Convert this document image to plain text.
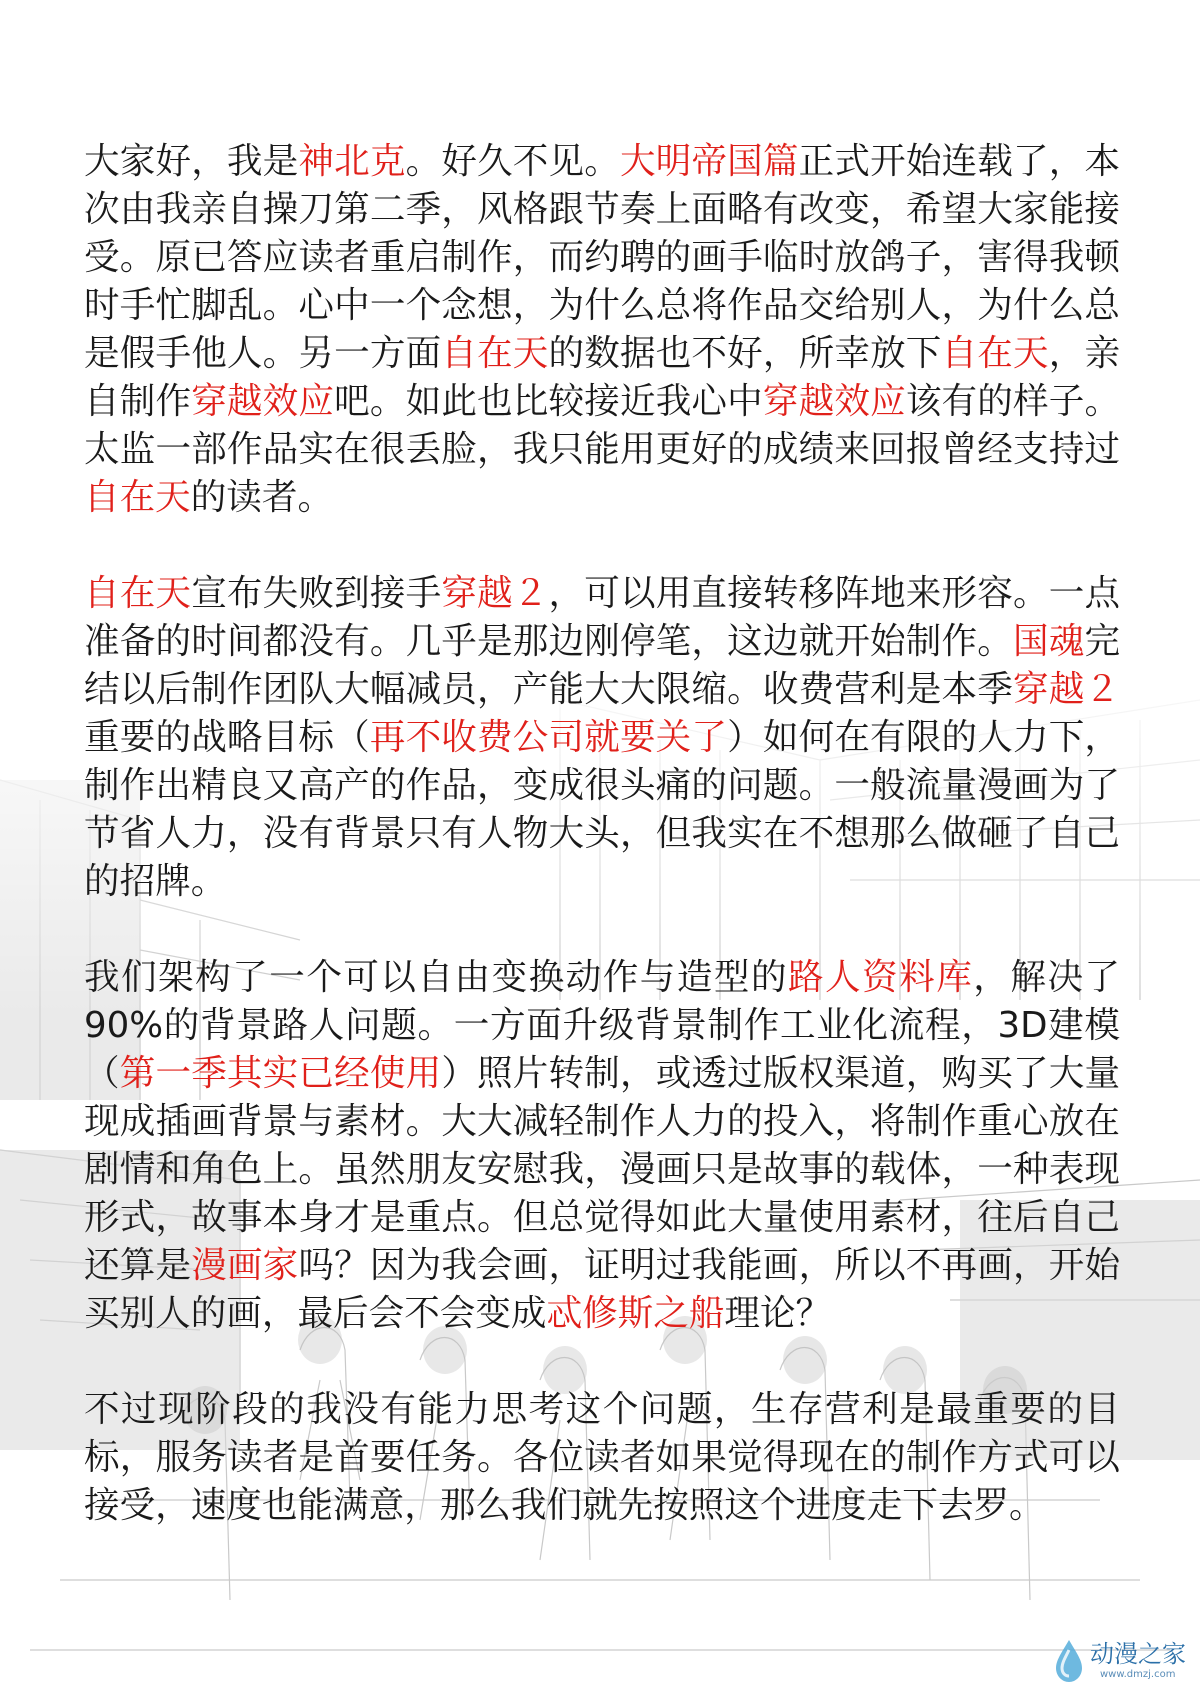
大家好，我是神北克。好久不见。大明帝国篇正式开始连载了，本次由我亲自操刀第二季，风格跟节奏上面略有改变，希望大家能接受。原已答应读者重启制作，而约聘的画手临时放鸽子，害得我顿时手忙脚乱。心中一个念想，为什么总将作品交给别人，为什么总是假手他人。另一方面自在天的数据也不好，所幸放下自在天，亲自制作穿越效应吧。如此也比较接近我心中穿越效应该有的样子。太监一部作品实在很丢脸，我只能用更好的成绩来回报曾经支持过自在天的读者。

自在天宣布失败到接手穿越２，可以用直接转移阵地来形容。一点准备的时间都没有。几乎是那边刚停笔，这边就开始制作。国魂完结以后制作团队大幅减员，产能大大限缩。收费营利是本季穿越２重要的战略目标（再不收费公司就要关了）如何在有限的人力下，制作出精良又高产的作品，变成很头痛的问题。一般流量漫画为了节省人力，没有背景只有人物大头，但我实在不想那么做砸了自己的招牌。

我们架构了一个可以自由变换动作与造型的路人资料库，解决了90%的背景路人问题。一方面升级背景制作工业化流程，3D建模（第一季其实已经使用）照片转制，或透过版权渠道，购买了大量现成插画背景与素材。大大减轻制作人力的投入，将制作重心放在剧情和角色上。虽然朋友安慰我，漫画只是故事的载体，一种表现形式，故事本身才是重点。但总觉得如此大量使用素材，往后自己还算是漫画家吗？因为我会画，证明过我能画，所以不再画，开始买别人的画，最后会不会变成忒修斯之船理论？

不过现阶段的我没有能力思考这个问题，生存营利是最重要的目标，服务读者是首要任务。各位读者如果觉得现在的制作方式可以接受，速度也能满意，那么我们就先按照这个进度走下去罗。

动漫之家
www.dmzj.com
